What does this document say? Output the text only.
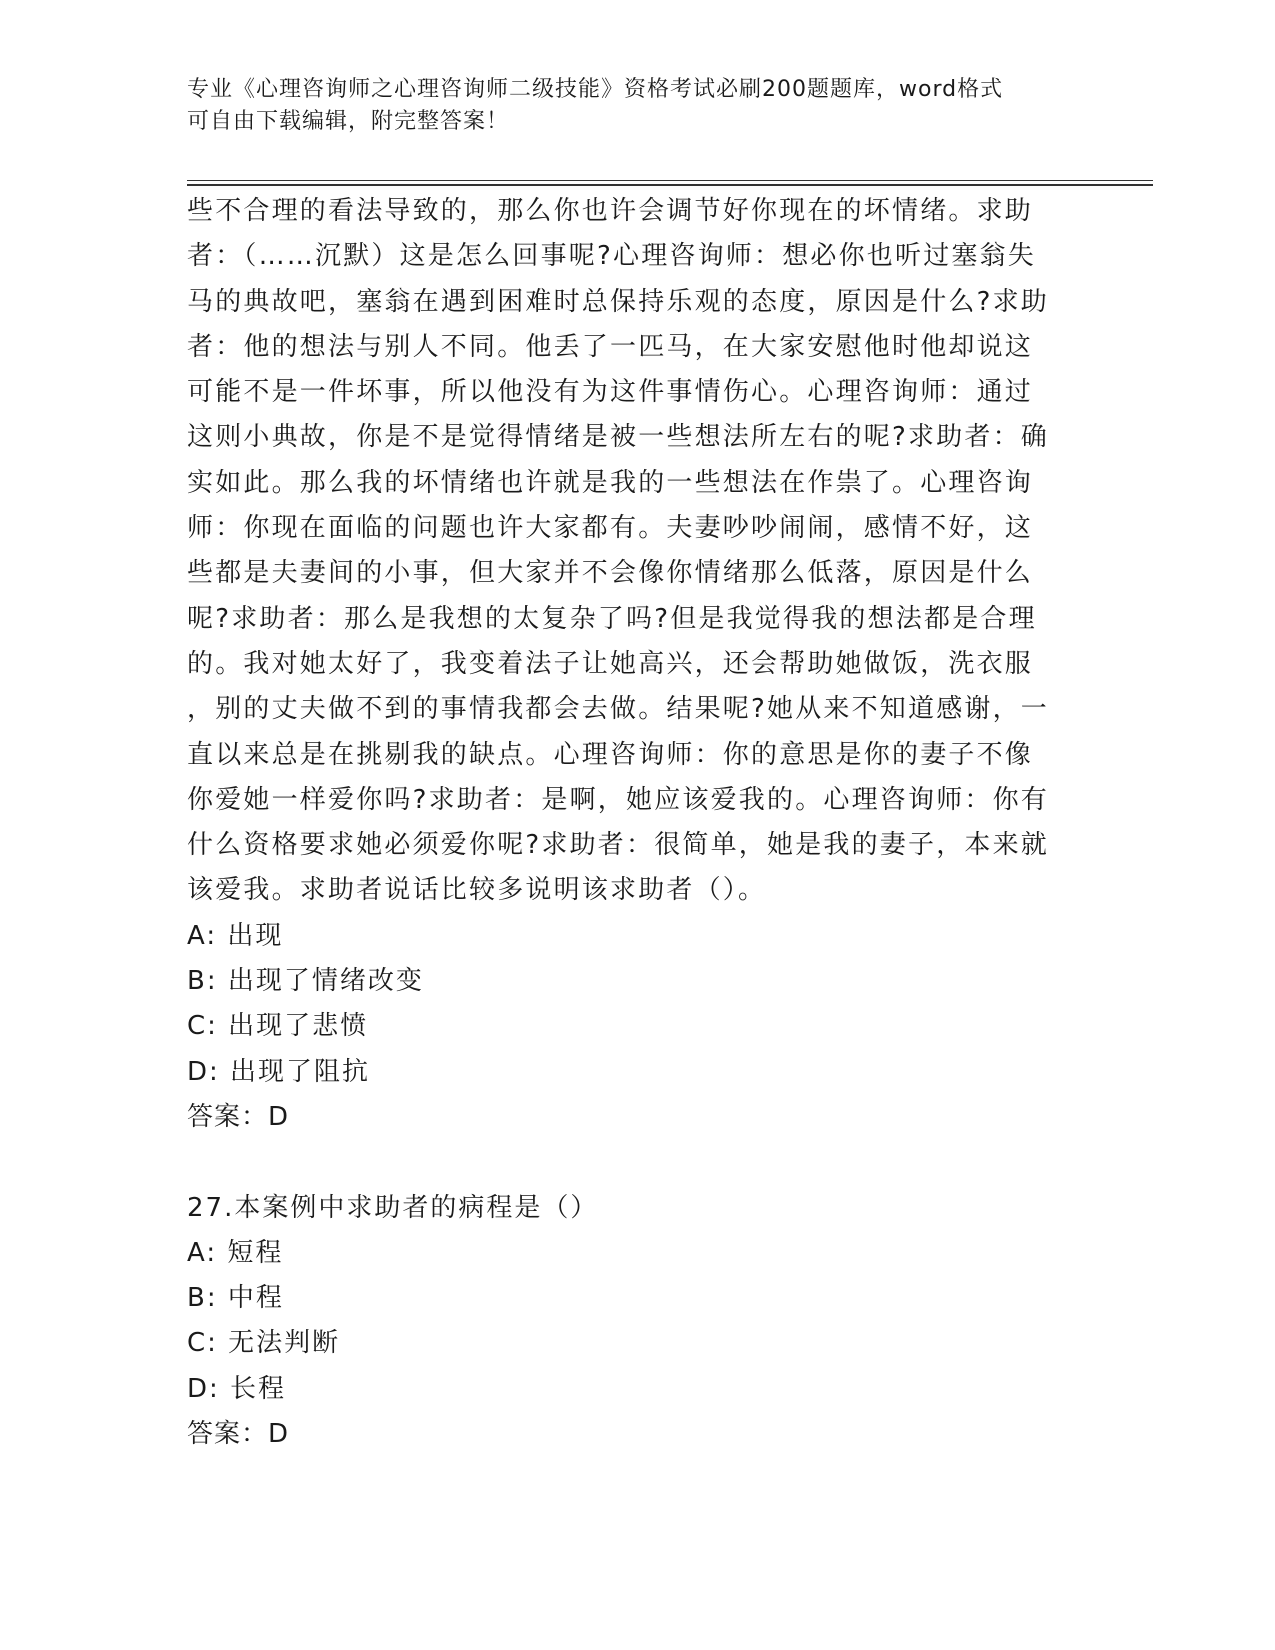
专业《心理咨询师之心理咨询师二级技能》资格考试必刷200题题库，word格式
可自由下载编辑，附完整答案！
些不合理的看法导致的，那么你也许会调节好你现在的坏情绪。求助
者：（……沉默）这是怎么回事呢?心理咨询师：想必你也听过塞翁失
马的典故吧，塞翁在遇到困难时总保持乐观的态度，原因是什么?求助
者：他的想法与别人不同。他丢了一匹马，在大家安慰他时他却说这
可能不是一件坏事，所以他没有为这件事情伤心。心理咨询师：通过
这则小典故，你是不是觉得情绪是被一些想法所左右的呢?求助者：确
实如此。那么我的坏情绪也许就是我的一些想法在作祟了。心理咨询
师：你现在面临的问题也许大家都有。夫妻吵吵闹闹，感情不好，这
些都是夫妻间的小事，但大家并不会像你情绪那么低落，原因是什么
呢?求助者：那么是我想的太复杂了吗?但是我觉得我的想法都是合理
的。我对她太好了，我变着法子让她高兴，还会帮助她做饭，洗衣服
，别的丈夫做不到的事情我都会去做。结果呢?她从来不知道感谢，一
直以来总是在挑剔我的缺点。心理咨询师：你的意思是你的妻子不像
你爱她一样爱你吗?求助者：是啊，她应该爱我的。心理咨询师：你有
什么资格要求她必须爱你呢?求助者：很简单，她是我的妻子，本来就
该爱我。求助者说话比较多说明该求助者（）。
A: 出现
B: 出现了情绪改变
C: 出现了悲愤
D: 出现了阻抗
答案：D
27.本案例中求助者的病程是（）
A: 短程
B: 中程
C: 无法判断
D: 长程
答案：D
